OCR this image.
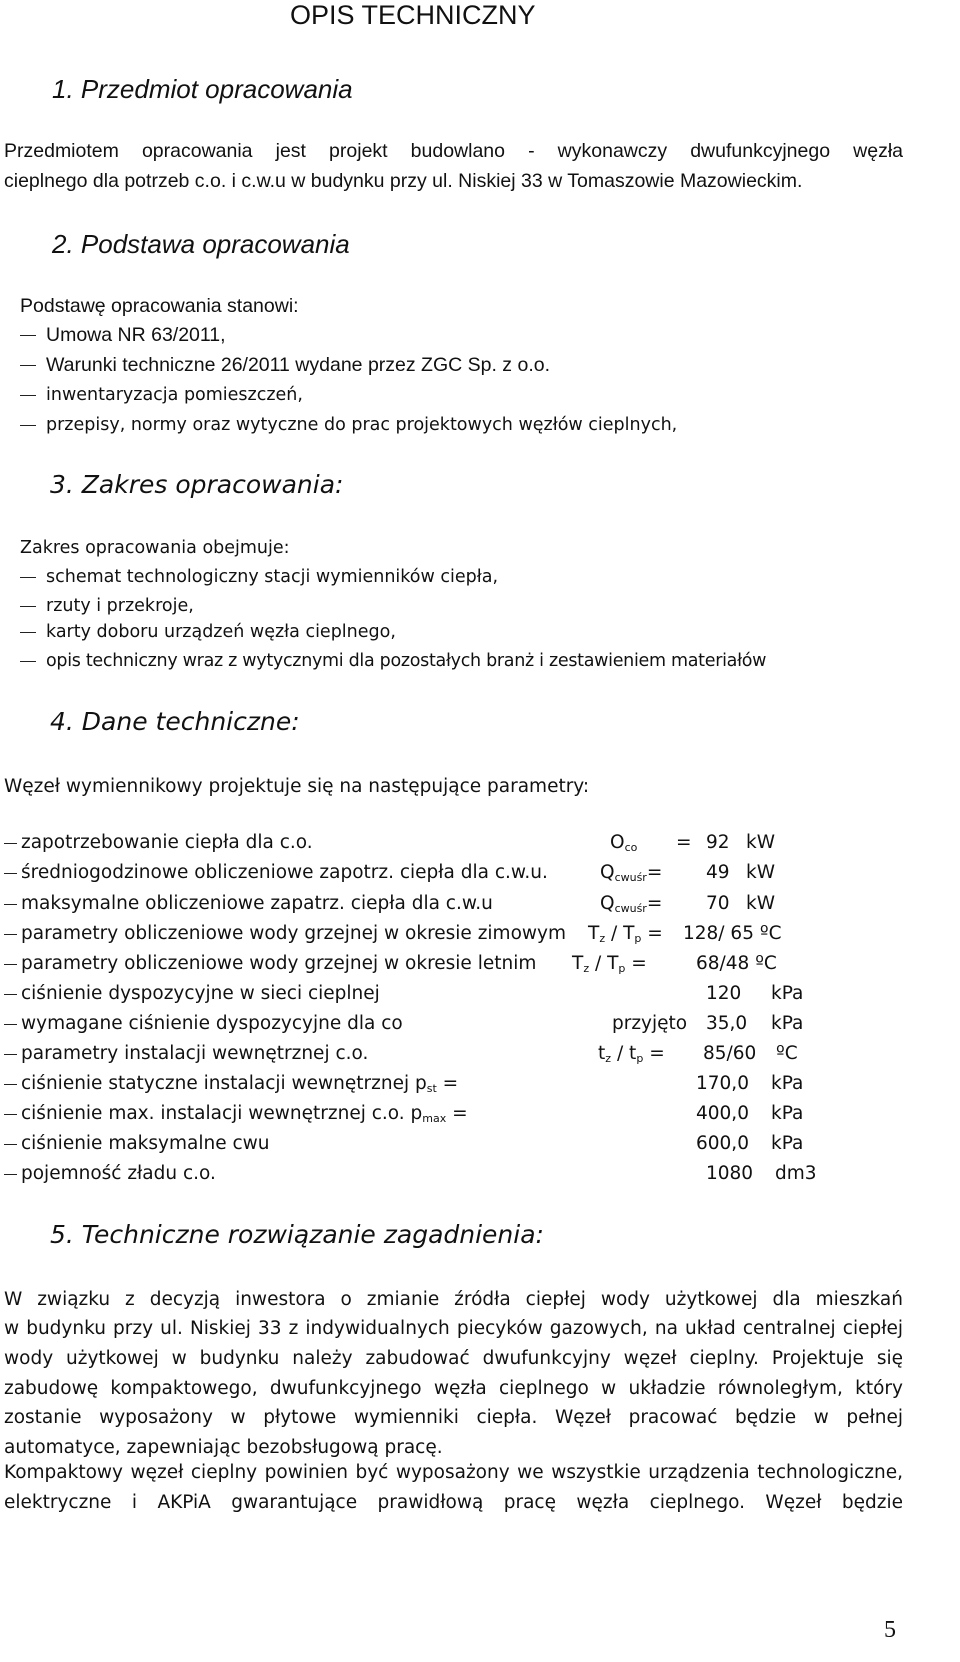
OPIS TECHNICZNY
1. Przedmiot opracowania
Przedmiotem opracowania jest projekt budowlano - wykonawczy dwufunkcyjnego węzła
cieplnego dla potrzeb c.o. i c.w.u w budynku przy ul. Niskiej 33 w Tomaszowie Mazowieckim.
2. Podstawa opracowania
Podstawę opracowania stanowi:
Umowa NR 63/2011,
Warunki techniczne 26/2011 wydane przez ZGC Sp. z o.o.
inwentaryzacja pomieszczeń,
przepisy, normy oraz wytyczne do prac projektowych węzłów cieplnych,
3. Zakres opracowania:
Zakres opracowania obejmuje:
schemat technologiczny stacji wymienników ciepła,
rzuty i przekroje,
karty doboru urządzeń węzła cieplnego,
opis techniczny wraz z wytycznymi dla pozostałych branż i zestawieniem materiałów
4. Dane techniczne:
Węzeł wymiennikowy projektuje się na następujące parametry:
zapotrzebowanie ciepła dla c.o.	$O_{co} = 92$ kW
średniogodzinowe obliczeniowe zapotrz. ciepła dla c.w.u.	$Q_{cwuśr}= 49$ kW
maksymalne obliczeniowe zapatrz. ciepła dla c.w.u	$Q_{cwuśr}= 70$ kW
parametry obliczeniowe wody grzejnej w okresie zimowym $T_z / T_p = 128/$ 65 ºC
parametry obliczeniowe wody grzejnej w okresie letnim $T_z / T_p$ =	68/48 ºC
ciśnienie dyspozycyjne w sieci cieplnej	120 kPa
wymagane ciśnienie dyspozycyjne dla co	przyjęto 35,0 kPa
parametry instalacji wewnętrznej c.o.	$t_z / t_p = 85/60$ ºC
ciśnienie statyczne instalacji wewnętrznej $p_{st}$ =	170,0 kPa
ciśnienie max. instalacji wewnętrznej c.o. $p_{max}$ =	400,0 kPa
ciśnienie maksymalne cwu	600,0 kPa
pojemność zładu c.o.	1080 dm3
5. Techniczne rozwiązanie zagadnienia:
W związku z decyzją inwestora o zmianie źródła ciepłej wody użytkowej dla mieszkań
w budynku przy ul. Niskiej 33 z indywidualnych piecyków gazowych, na układ centralnej ciepłej
wody użytkowej w budynku należy zabudować dwufunkcyjny węzeł cieplny. Projektuje się
zabudowę kompaktowego, dwufunkcyjnego węzła cieplnego w układzie równoległym, który
zostanie wyposażony w płytowe wymienniki ciepła. Węzeł pracować będzie w pełnej
automatyce, zapewniając bezobsługową pracę.
Kompaktowy węzeł cieplny powinien być wyposażony we wszystkie urządzenia technologiczne,
elektryczne i AKPiA gwarantujące prawidłową pracę węzła cieplnego. Węzeł będzie
5
